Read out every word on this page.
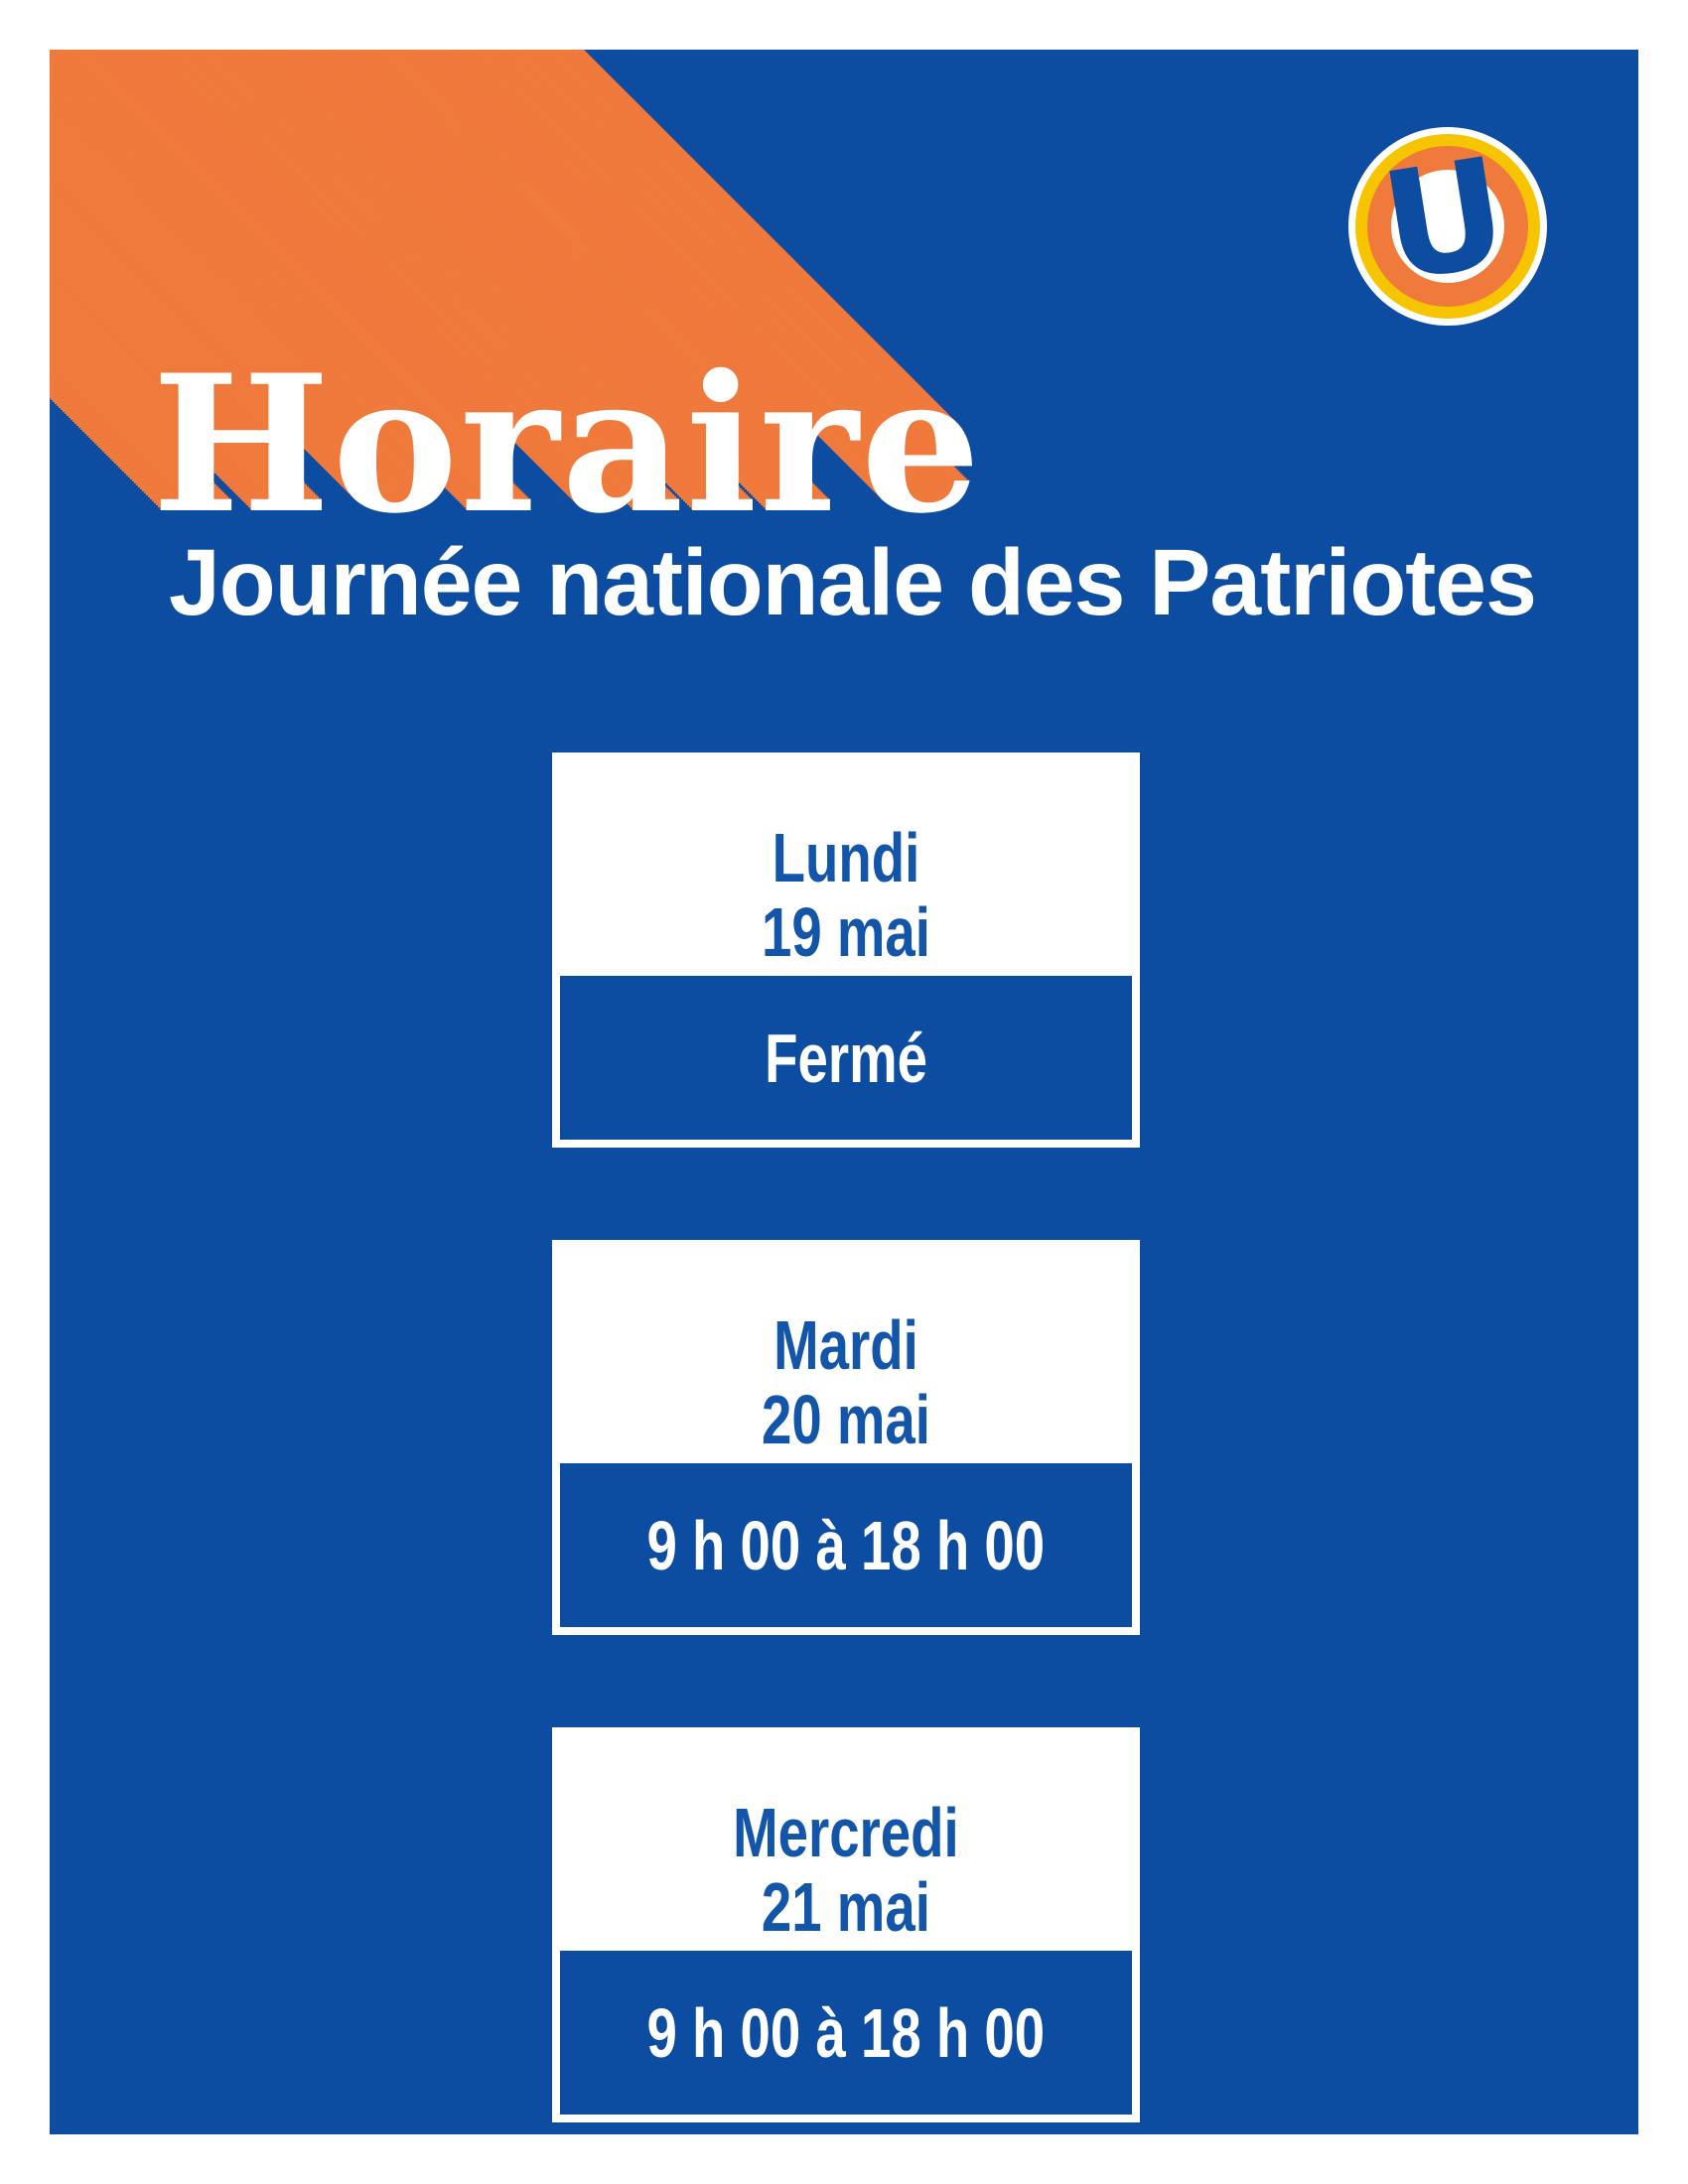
Horaire
Journée nationale des Patriotes
U
Lundi
19 mai
Fermé
Mardi
20 mai
9 h 00 à 18 h 00
Mercredi
21 mai
9 h 00 à 18 h 00
